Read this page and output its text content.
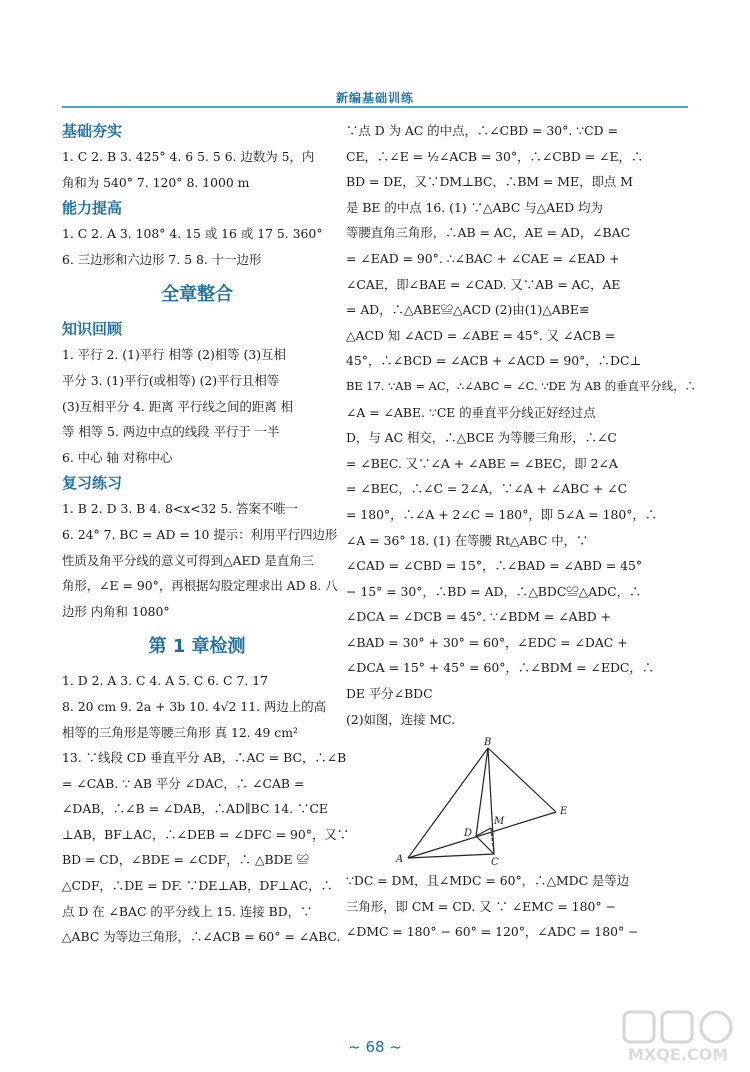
新编基础训练

基础夯实

1. C 2. B 3. 425° 4. 6 5. 5 6. 边数为 5，内

角和为 540° 7. 120° 8. 1000 m

能力提高

1. C 2. A 3. 108° 4. 15 或 16 或 17 5. 360°

6. 三边形和六边形 7. 5 8. 十一边形

全章整合

知识回顾

1. 平行 2. (1)平行 相等 (2)相等 (3)互相

平分 3. (1)平行(或相等) (2)平行且相等

(3)互相平分 4. 距离 平行线之间的距离 相

等 相等 5. 两边中点的线段 平行于 一半

6. 中心 轴 对称中心

复习练习

1. B 2. D 3. B 4. 8<x<32 5. 答案不唯一

6. 24° 7. BC = AD = 10 提示：利用平行四边形

性质及角平分线的意义可得到△AED 是直角三

角形，∠E = 90°，再根据勾股定理求出 AD 8. 八

边形 内角和 1080°

第 1 章检测

1. D 2. A 3. C 4. A 5. C 6. C 7. 17

8. 20 cm 9. 2a + 3b 10. 4√2 11. 两边上的高

相等的三角形是等腰三角形 真 12. 49 cm²

13. ∵线段 CD 垂直平分 AB，∴AC = BC，∴∠B

= ∠CAB. ∵ AB 平分 ∠DAC，∴ ∠CAB =

∠DAB，∴∠B = ∠DAB，∴AD∥BC 14. ∵CE

⊥AB，BF⊥AC，∴∠DEB = ∠DFC = 90°，又∵

BD = CD，∠BDE = ∠CDF，∴ △BDE ≌

△CDF，∴DE = DF. ∵DE⊥AB，DF⊥AC，∴

点 D 在 ∠BAC 的平分线上 15. 连接 BD，∵

△ABC 为等边三角形，∴∠ACB = 60° = ∠ABC.

∵点 D 为 AC 的中点，∴∠CBD = 30°. ∵CD =

CE，∴∠E = ½∠ACB = 30°，∴∠CBD = ∠E，∴

BD = DE，又∵DM⊥BC，∴BM = ME，即点 M

是 BE 的中点 16. (1) ∵△ABC 与△AED 均为

等腰直角三角形，∴AB = AC，AE = AD，∠BAC

= ∠EAD = 90°. ∴∠BAC + ∠CAE = ∠EAD +

∠CAE，即∠BAE = ∠CAD. 又∵AB = AC，AE

= AD，∴△ABE≌△ACD (2)由(1)△ABE≌

△ACD 知 ∠ACD = ∠ABE = 45°. 又 ∠ACB =

45°，∴∠BCD = ∠ACB + ∠ACD = 90°，∴DC⊥

BE 17. ∵AB = AC，∴∠ABC = ∠C. ∵DE 为 AB 的垂直平分线，∴

∠A = ∠ABE. ∵CE 的垂直平分线正好经过点

D，与 AC 相交，∴△BCE 为等腰三角形，∴∠C

= ∠BEC. 又∵∠A + ∠ABE = ∠BEC，即 2∠A

= ∠BEC，∴∠C = 2∠A，∵∠A + ∠ABC + ∠C

= 180°，∴∠A + 2∠C = 180°，即 5∠A = 180°，∴

∠A = 36° 18. (1) 在等腰 Rt△ABC 中，∵

∠CAD = ∠CBD = 15°，∴∠BAD = ∠ABD = 45°

− 15° = 30°，∴BD = AD，∴△BDC≌△ADC，∴

∠DCA = ∠DCB = 45°. ∵∠BDM = ∠ABD +

∠BAD = 30° + 30° = 60°，∠EDC = ∠DAC +

∠DCA = 15° + 45° = 60°，∴∠BDM = ∠EDC，∴

DE 平分∠BDC

(2)如图，连接 MC.

A
B
C
D
E
M

∵DC = DM，且∠MDC = 60°，∴△MDC 是等边

三角形，即 CM = CD. 又 ∵ ∠EMC = 180° −

∠DMC = 180° − 60° = 120°，∠ADC = 180° −

~ 68 ~	MXQE.COM
